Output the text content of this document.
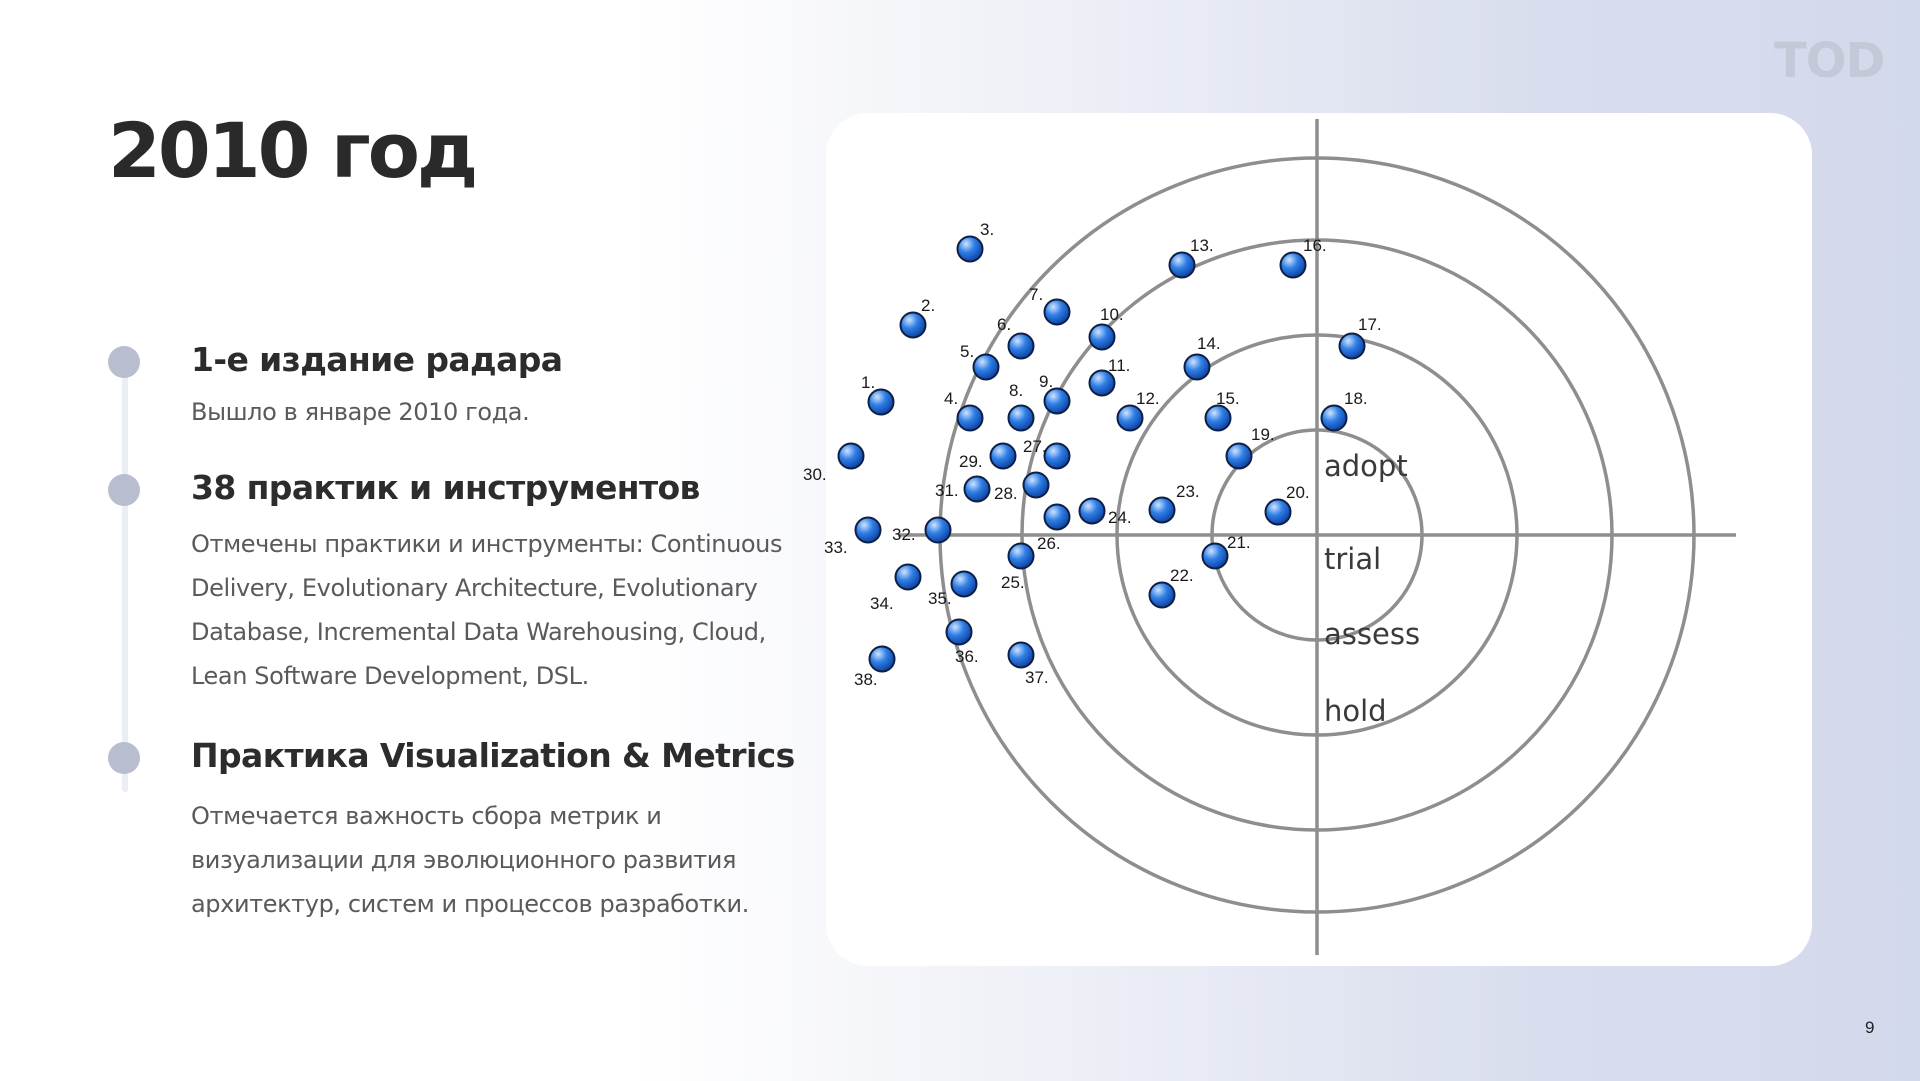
TOD
2010 год
1-е издание радара

Вышло в январе 2010 года.

38 практик и инструментов

Отмечены практики и инструменты: Continuous Delivery, Evolutionary Architecture, Evolutionary Database, Incremental Data Warehousing, Cloud, Lean Software Development, DSL.

Практика Visualization & Metrics

Отмечается важность сбора метрик и визуализации для эволюционного развития архитектур, систем и процессов разработки.

adopt
trial
assess
hold
1.
2.
3.
4.
5.
6.
7.
8. 9.
10.
11.
12.
13.
14.
15.
16.
17.
18.
19.
20.
21.
22.
23.
24.
25.
26.
27.
28.
29.
30.
31.
32.
33.
34. 35.
36.
37.
38.
9
